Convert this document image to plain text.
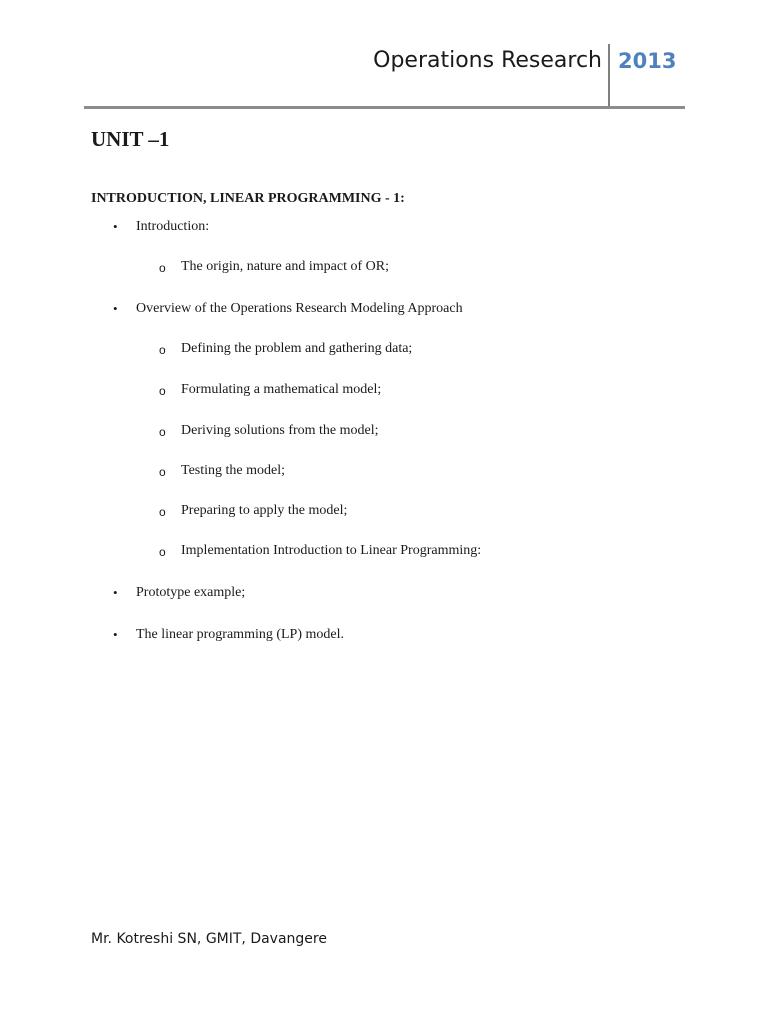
Operations Research 2013
UNIT –1
INTRODUCTION, LINEAR PROGRAMMING - 1:
• Introduction:
o The origin, nature and impact of OR;
• Overview of the Operations Research Modeling Approach
o Defining the problem and gathering data;
o Formulating a mathematical model;
o Deriving solutions from the model;
o Testing the model;
o Preparing to apply the model;
o Implementation Introduction to Linear Programming:
• Prototype example;
• The linear programming (LP) model.
Mr. Kotreshi SN, GMIT, Davangere
